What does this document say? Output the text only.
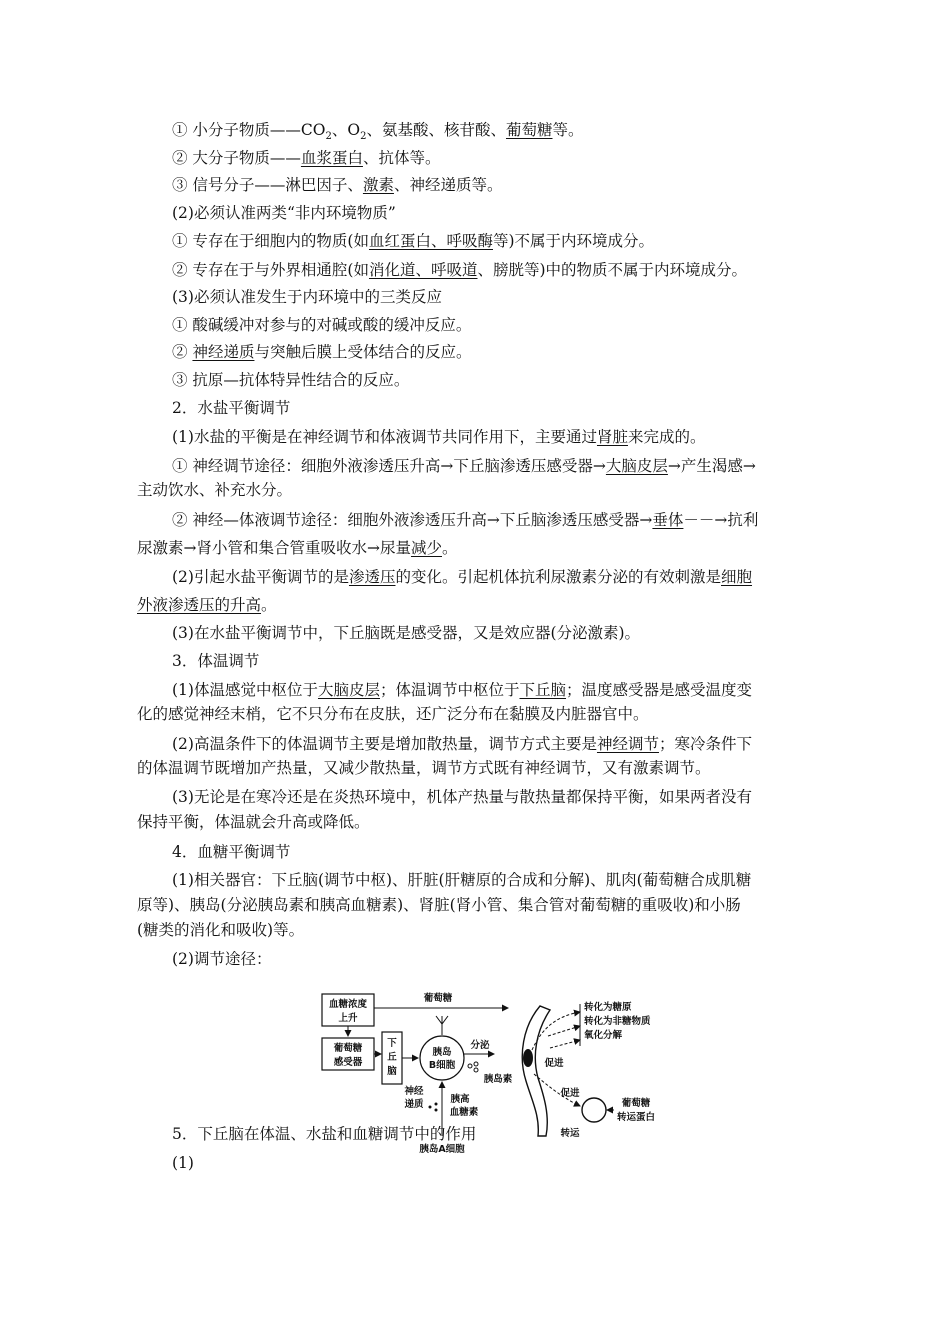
① 小分子物质$——CO_2$、$O_2$、氨基酸、核苷酸、葡萄糖等。
② 大分子物质——血浆蛋白、抗体等。
③ 信号分子——淋巴因子、激素、神经递质等。
(2)必须认准两类“非内环境物质”
① 专存在于细胞内的物质(如血红蛋白、呼吸酶等)不属于内环境成分。
② 专存在于与外界相通腔(如消化道、呼吸道、膀胱等)中的物质不属于内环境成分。
(3)必须认准发生于内环境中的三类反应
① 酸碱缓冲对参与的对碱或酸的缓冲反应。
② 神经递质与突触后膜上受体结合的反应。
③ 抗原—抗体特异性结合的反应。
2．水盐平衡调节
(1)水盐的平衡是在神经调节和体液调节共同作用下，主要通过肾脏来完成的。
① 神经调节途径：细胞外液渗透压升高→下丘脑渗透压感受器→大脑皮层→产生渴感→
主动饮水、补充水分。
② 神经—体液调节途径：细胞外液渗透压升高→下丘脑渗透压感受器→垂体－－→抗利
尿激素→肾小管和集合管重吸收水→尿量减少。
(2)引起水盐平衡调节的是渗透压的变化。引起机体抗利尿激素分泌的有效刺激是细胞
外液渗透压的升高。
(3)在水盐平衡调节中，下丘脑既是感受器，又是效应器(分泌激素)。
3．体温调节
(1)体温感觉中枢位于大脑皮层；体温调节中枢位于下丘脑；温度感受器是感受温度变
化的感觉神经末梢，它不只分布在皮肤，还广泛分布在黏膜及内脏器官中。
(2)高温条件下的体温调节主要是增加散热量，调节方式主要是神经调节；寒冷条件下
的体温调节既增加产热量，又减少散热量，调节方式既有神经调节，又有激素调节。
(3)无论是在寒冷还是在炎热环境中，机体产热量与散热量都保持平衡，如果两者没有
保持平衡，体温就会升高或降低。
4．血糖平衡调节
(1)相关器官：下丘脑(调节中枢)、肝脏(肝糖原的合成和分解)、肌肉(葡萄糖合成肌糖
原等)、胰岛(分泌胰岛素和胰高血糖素)、肾脏(肾小管、集合管对葡萄糖的重吸收)和小肠
(糖类的消化和吸收)等。
(2)调节途径：
5．下丘脑在体温、水盐和血糖调节中的作用
(1)
血糖浓度
上升
葡萄糖
葡萄糖
感受器
下
丘
脑
神经
递质
胰岛
B细胞
分泌
胰岛素
胰高
血糖素
胰岛A细胞
转化为糖原
转化为非糖物质
氧化分解
促进
促进
转运
葡萄糖
转运蛋白
